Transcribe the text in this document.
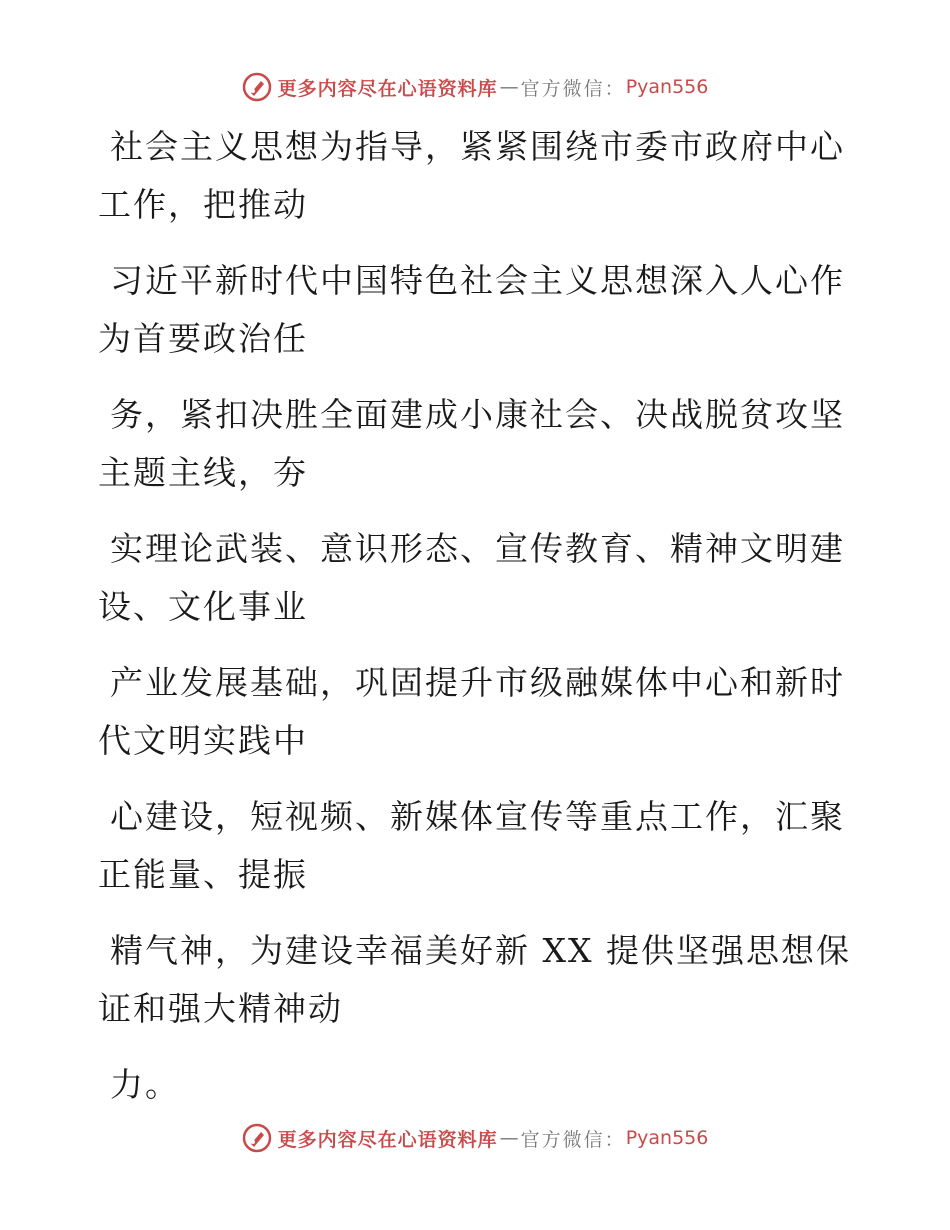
更多内容尽在心语资料库 — 官方微信： Pyan556

社会主义思想为指导，紧紧围绕市委市政府中心
工作，把推动

习近平新时代中国特色社会主义思想深入人心作
为首要政治任

务，紧扣决胜全面建成小康社会、决战脱贫攻坚
主题主线，夯

实理论武装、意识形态、宣传教育、精神文明建
设、文化事业

产业发展基础，巩固提升市级融媒体中心和新时
代文明实践中

心建设，短视频、新媒体宣传等重点工作，汇聚
正能量、提振

精气神，为建设幸福美好新 XX 提供坚强思想保
证和强大精神动

力。

更多内容尽在心语资料库 — 官方微信： Pyan556
